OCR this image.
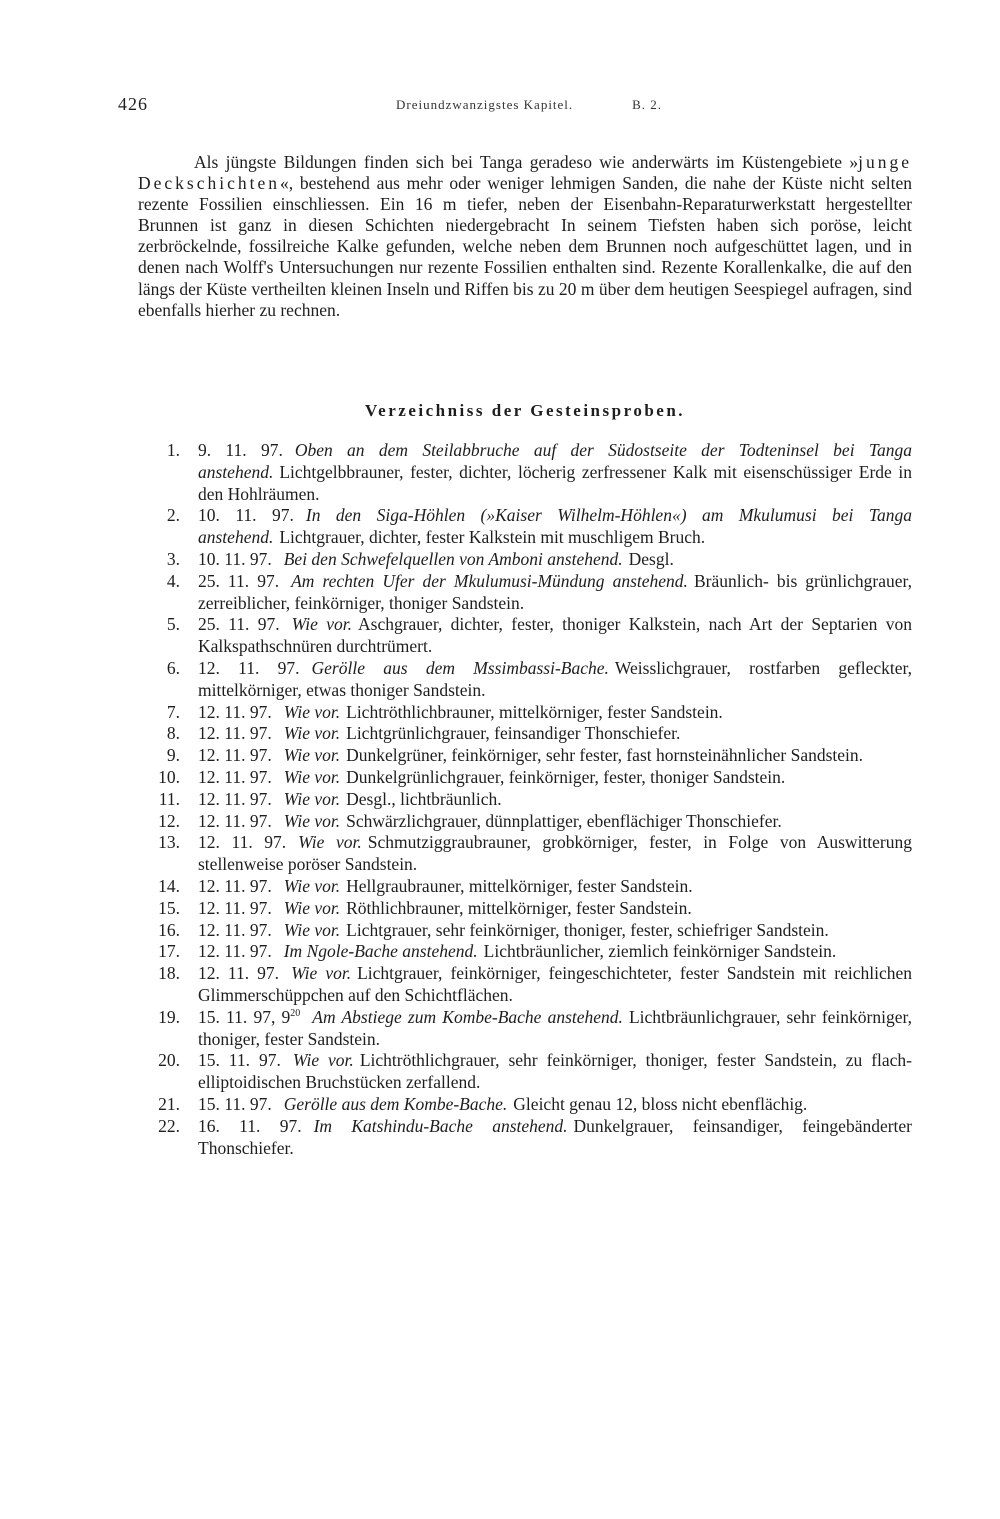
426	Dreiundzwanzigstes Kapitel.	B. 2.

Als jüngste Bildungen finden sich bei Tanga geradeso wie anderwärts im Küstengebiete »junge Deckschichten«, bestehend aus mehr oder weniger lehmigen Sanden, die nahe der Küste nicht selten rezente Fossilien einschliessen. Ein 16 m tiefer, neben der Eisenbahn-Reparaturwerkstatt hergestellter Brunnen ist ganz in diesen Schichten niedergebracht In seinem Tiefsten haben sich poröse, leicht zerbröckelnde, fossilreiche Kalke gefunden, welche neben dem Brunnen noch aufgeschüttet lagen, und in denen nach Wolff's Untersuchungen nur rezente Fossilien enthalten sind. Rezente Korallenkalke, die auf den längs der Küste vertheilten kleinen Inseln und Riffen bis zu 20 m über dem heutigen Seespiegel aufragen, sind ebenfalls hierher zu rechnen.

Verzeichniss der Gesteinsproben.
1. 9. 11. 97. Oben an dem Steilabbruche auf der Südostseite der Todteninsel bei Tanga anstehend. Lichtgelbbrauner, fester, dichter, löcherig zerfressener Kalk mit eisenschüssiger Erde in den Hohlräumen.
2. 10. 11. 97. In den Siga-Höhlen (»Kaiser Wilhelm-Höhlen«) am Mkulumusi bei Tanga anstehend. Lichtgrauer, dichter, fester Kalkstein mit muschligem Bruch.
3. 10. 11. 97. Bei den Schwefelquellen von Amboni anstehend. Desgl.
4. 25. 11. 97. Am rechten Ufer der Mkulumusi-Mündung anstehend. Bräunlich- bis grünlichgrauer, zerreiblicher, feinkörniger, thoniger Sandstein.
5. 25. 11. 97. Wie vor. Aschgrauer, dichter, fester, thoniger Kalkstein, nach Art der Septarien von Kalkspathschnüren durchtrümert.
6. 12. 11. 97. Gerölle aus dem Mssimbassi-Bache. Weisslichgrauer, rostfarben gefleckter, mittelkörniger, etwas thoniger Sandstein.
7. 12. 11. 97. Wie vor. Lichtröthlichbrauner, mittelkörniger, fester Sandstein.
8. 12. 11. 97. Wie vor. Lichtgrünlichgrauer, feinsandiger Thonschiefer.
9. 12. 11. 97. Wie vor. Dunkelgrüner, feinkörniger, sehr fester, fast hornsteinähnlicher Sandstein.
10. 12. 11. 97. Wie vor. Dunkelgrünlichgrauer, feinkörniger, fester, thoniger Sandstein.
11. 12. 11. 97. Wie vor. Desgl., lichtbräunlich.
12. 12. 11. 97. Wie vor. Schwärzlichgrauer, dünnplattiger, ebenflächiger Thonschiefer.
13. 12. 11. 97. Wie vor. Schmutziggraubrauner, grobkörniger, fester, in Folge von Auswitterung stellenweise poröser Sandstein.
14. 12. 11. 97. Wie vor. Hellgraubrauner, mittelkörniger, fester Sandstein.
15. 12. 11. 97. Wie vor. Röthlichbrauner, mittelkörniger, fester Sandstein.
16. 12. 11. 97. Wie vor. Lichtgrauer, sehr feinkörniger, thoniger, fester, schiefriger Sandstein.
17. 12. 11. 97. Im Ngole-Bache anstehend. Lichtbräunlicher, ziemlich feinkörniger Sandstein.
18. 12. 11. 97. Wie vor. Lichtgrauer, feinkörniger, feingeschichteter, fester Sandstein mit reichlichen Glimmerschüppchen auf den Schichtflächen.
19. 15. 11. 97, $9^{20}$ Am Abstiege zum Kombe-Bache anstehend. Lichtbräunlichgrauer, sehr feinkörniger, thoniger, fester Sandstein.
20. 15. 11. 97. Wie vor. Lichtröthlichgrauer, sehr feinkörniger, thoniger, fester Sandstein, zu flach-elliptoidischen Bruchstücken zerfallend.
21. 15. 11. 97. Gerölle aus dem Kombe-Bache. Gleicht genau 12, bloss nicht ebenflächig.
22. 16. 11. 97. Im Katshindu-Bache anstehend. Dunkelgrauer, feinsandiger, feingebänderter Thonschiefer.
